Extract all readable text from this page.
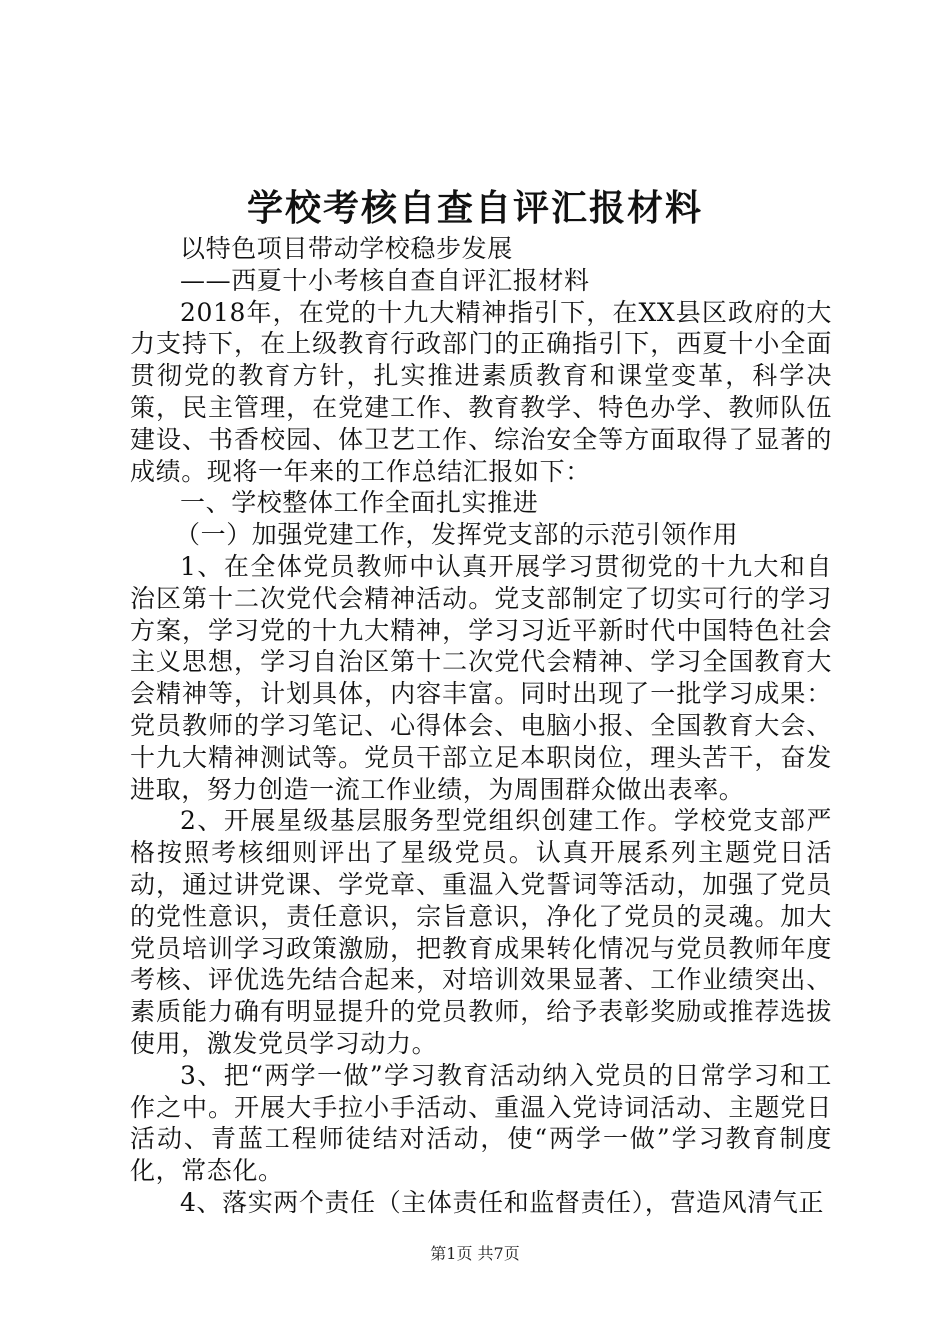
学校考核自查自评汇报材料

以特色项目带动学校稳步发展

——西夏十小考核自查自评汇报材料

2018年，在党的十九大精神指引下，在XX县区政府的大力支持下，在上级教育行政部门的正确指引下，西夏十小全面贯彻党的教育方针，扎实推进素质教育和课堂变革，科学决策，民主管理，在党建工作、教育教学、特色办学、教师队伍建设、书香校园、体卫艺工作、综治安全等方面取得了显著的成绩。现将一年来的工作总结汇报如下：

一、学校整体工作全面扎实推进

（一）加强党建工作，发挥党支部的示范引领作用

1、在全体党员教师中认真开展学习贯彻党的十九大和自治区第十二次党代会精神活动。党支部制定了切实可行的学习方案，学习党的十九大精神，学习习近平新时代中国特色社会主义思想，学习自治区第十二次党代会精神、学习全国教育大会精神等，计划具体，内容丰富。同时出现了一批学习成果：党员教师的学习笔记、心得体会、电脑小报、全国教育大会、十九大精神测试等。党员干部立足本职岗位，理头苦干，奋发进取，努力创造一流工作业绩，为周围群众做出表率。

2、开展星级基层服务型党组织创建工作。学校党支部严格按照考核细则评出了星级党员。认真开展系列主题党日活动，通过讲党课、学党章、重温入党誓词等活动，加强了党员的党性意识，责任意识，宗旨意识，净化了党员的灵魂。加大党员培训学习政策激励，把教育成果转化情况与党员教师年度考核、评优选先结合起来，对培训效果显著、工作业绩突出、素质能力确有明显提升的党员教师，给予表彰奖励或推荐选拔使用，激发党员学习动力。

3、把“两学一做”学习教育活动纳入党员的日常学习和工作之中。开展大手拉小手活动、重温入党诗词活动、主题党日活动、青蓝工程师徒结对活动，使“两学一做”学习教育制度化，常态化。

4、落实两个责任（主体责任和监督责任），营造风清气正

第1页 共7页
